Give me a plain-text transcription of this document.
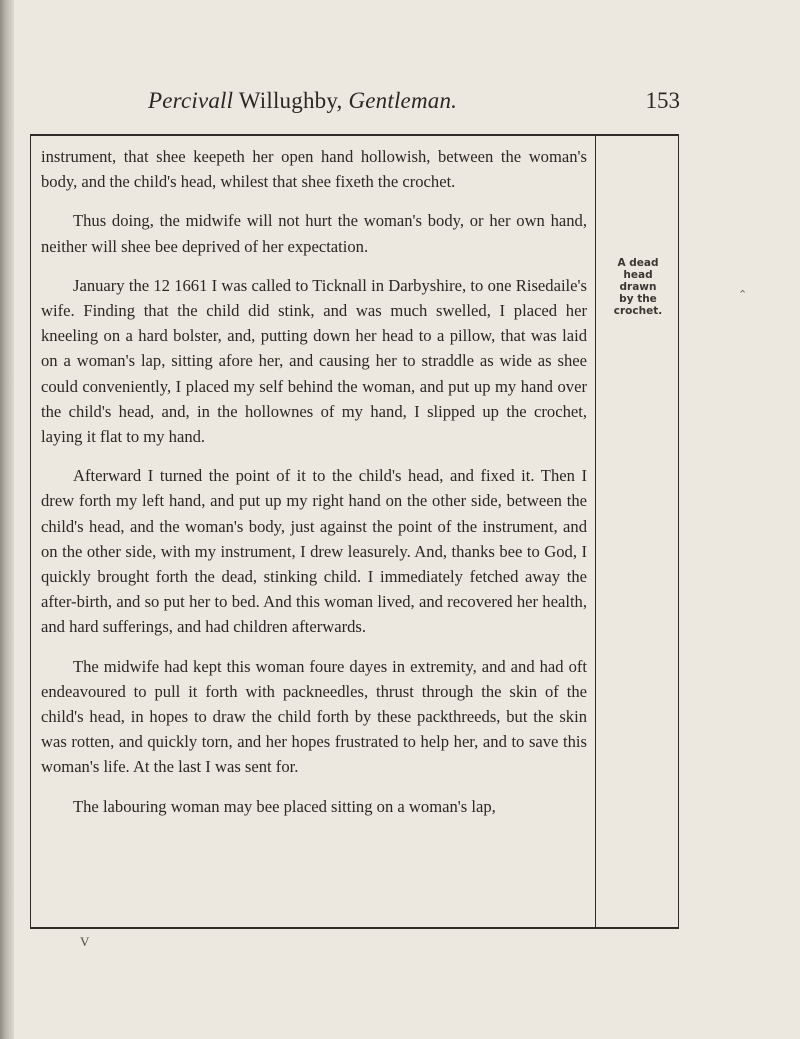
Percivall Willughby, Gentleman.	153

instrument, that shee keepeth her open hand hollowish, between the woman's body, and the child's head, whilest that shee fixeth the crochet.

Thus doing, the midwife will not hurt the woman's body, or her own hand, neither will shee bee deprived of her expectation.

January the 12 1661 I was called to Ticknall in Darbyshire, to one Risedaile's wife. Finding that the child did stink, and was much swelled, I placed her kneeling on a hard bolster, and, putting down her head to a pillow, that was laid on a woman's lap, sitting afore her, and causing her to straddle as wide as shee could conveniently, I placed my self behind the woman, and put up my hand over the child's head, and, in the hollownes of my hand, I slipped up the crochet, laying it flat to my hand.

Afterward I turned the point of it to the child's head, and fixed it. Then I drew forth my left hand, and put up my right hand on the other side, between the child's head, and the woman's body, just against the point of the instrument, and on the other side, with my instrument, I drew leasurely. And, thanks bee to God, I quickly brought forth the dead, stinking child. I immediately fetched away the after-birth, and so put her to bed. And this woman lived, and recovered her health, and hard sufferings, and had children afterwards.

The midwife had kept this woman foure dayes in extremity, and and had oft endeavoured to pull it forth with packneedles, thrust through the skin of the child's head, in hopes to draw the child forth by these packthreeds, but the skin was rotten, and quickly torn, and her hopes frustrated to help her, and to save this woman's life. At the last I was sent for.

The labouring woman may bee placed sitting on a woman's lap,

A dead
head
drawn
by the
crochet.
⌃
V
